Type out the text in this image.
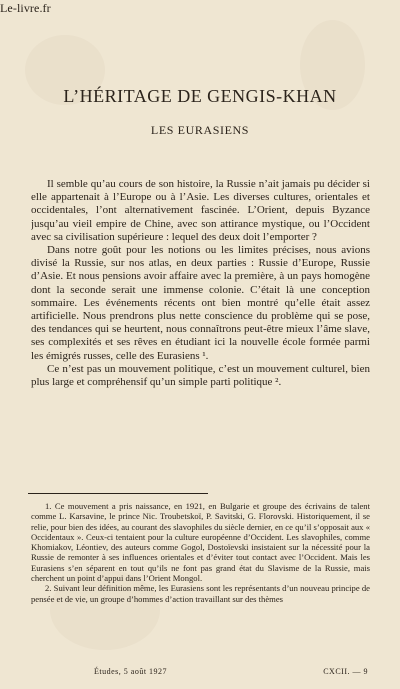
Le-livre.fr
L’HÉRITAGE DE GENGIS-KHAN
LES EURASIENS

Il semble qu’au cours de son histoire, la Russie n’ait jamais pu décider si elle appartenait à l’Europe ou à l’Asie. Les diverses cultures, orientales et occidentales, l’ont alternativement fascinée. L’Orient, depuis Byzance jusqu’au vieil empire de Chine, avec son attirance mystique, ou l’Occident avec sa civilisation supérieure : lequel des deux doit l’emporter ?

Dans notre goût pour les notions ou les limites précises, nous avions divisé la Russie, sur nos atlas, en deux parties : Russie d’Europe, Russie d’Asie. Et nous pensions avoir affaire avec la première, à un pays homogène dont la seconde serait une immense colonie. C’était là une conception sommaire. Les événements récents ont bien montré qu’elle était assez artificielle. Nous prendrons plus nette conscience du problème qui se pose, des tendances qui se heurtent, nous connaîtrons peut-être mieux l’âme slave, ses complexités et ses rêves en étudiant ici la nouvelle école formée parmi les émigrés russes, celle des Eurasiens ¹.

Ce n’est pas un mouvement politique, c’est un mouvement culturel, bien plus large et compréhensif qu’un simple parti politique ².

1. Ce mouvement a pris naissance, en 1921, en Bulgarie et groupe des écrivains de talent comme L. Karsavine, le prince Nic. Troubetskoï, P. Savitski, G. Florovski. Historiquement, il se relie, pour bien des idées, au courant des slavophiles du siècle dernier, en ce qu’il s’opposait aux « Occidentaux ». Ceux-ci tentaient pour la culture européenne d’Occident. Les slavophiles, comme Khomiakov, Léontiev, des auteurs comme Gogol, Dostoïevski insistaient sur la nécessité pour la Russie de remonter à ses influences orientales et d’éviter tout contact avec l’Occident. Mais les Eurasiens s’en séparent en tout qu’ils ne font pas grand état du Slavisme de la Russie, mais cherchent un point d’appui dans l’Orient Mongol.

2. Suivant leur définition même, les Eurasiens sont les représentants d’un nouveau principe de pensée et de vie, un groupe d’hommes d’action travaillant sur des thèmes

Études, 5 août 1927	CXCII. — 9
